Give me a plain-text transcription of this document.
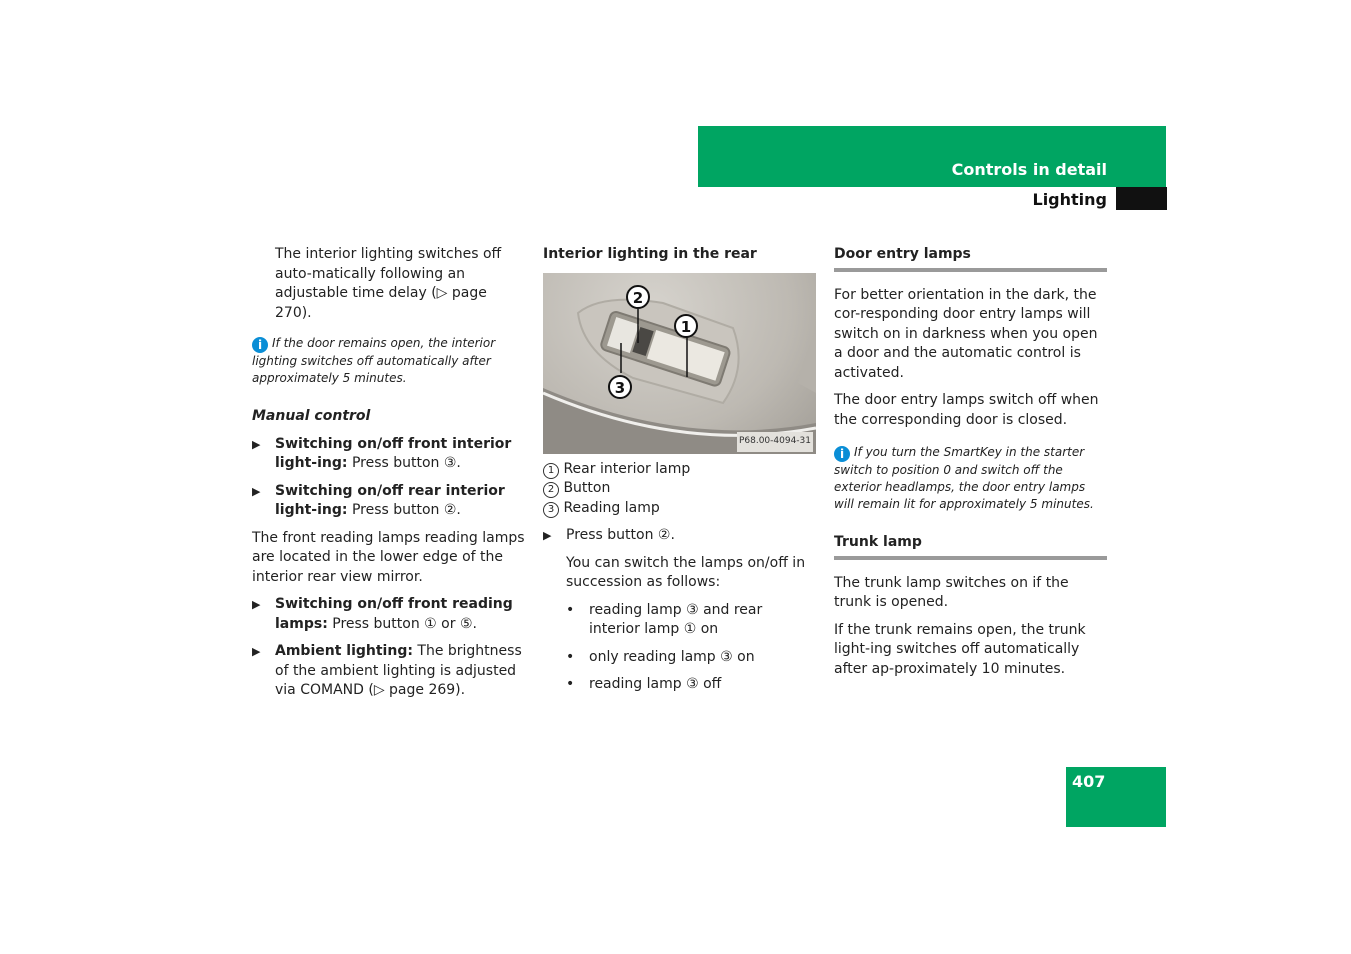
Controls in detail
Lighting

The interior lighting switches off auto-matically following an adjustable time delay (▷ page 270).

i If the door remains open, the interior lighting switches off automatically after approximately 5 minutes.

Manual control

▶ Switching on/off front interior light-ing: Press button ③.
▶ Switching on/off rear interior light-ing: Press button ②.

The front reading lamps reading lamps are located in the lower edge of the interior rear view mirror.

▶ Switching on/off front reading lamps: Press button ① or ⑤.
▶ Ambient lighting: The brightness of the ambient lighting is adjusted via COMAND (▷ page 269).

Interior lighting in the rear

2
1
3
P68.00-4094-31

1 Rear interior lamp

2 Button

3 Reading lamp

▶ Press button ②.

You can switch the lamps on/off in succession as follows:

• reading lamp ③ and rear interior lamp ① on
• only reading lamp ③ on
• reading lamp ③ off

Door entry lamps

For better orientation in the dark, the cor-responding door entry lamps will switch on in darkness when you open a door and the automatic control is activated.

The door entry lamps switch off when the corresponding door is closed.

i If you turn the SmartKey in the starter switch to position 0 and switch off the exterior headlamps, the door entry lamps will remain lit for approximately 5 minutes.

Trunk lamp

The trunk lamp switches on if the trunk is opened.

If the trunk remains open, the trunk light-ing switches off automatically after ap-proximately 10 minutes.

407
